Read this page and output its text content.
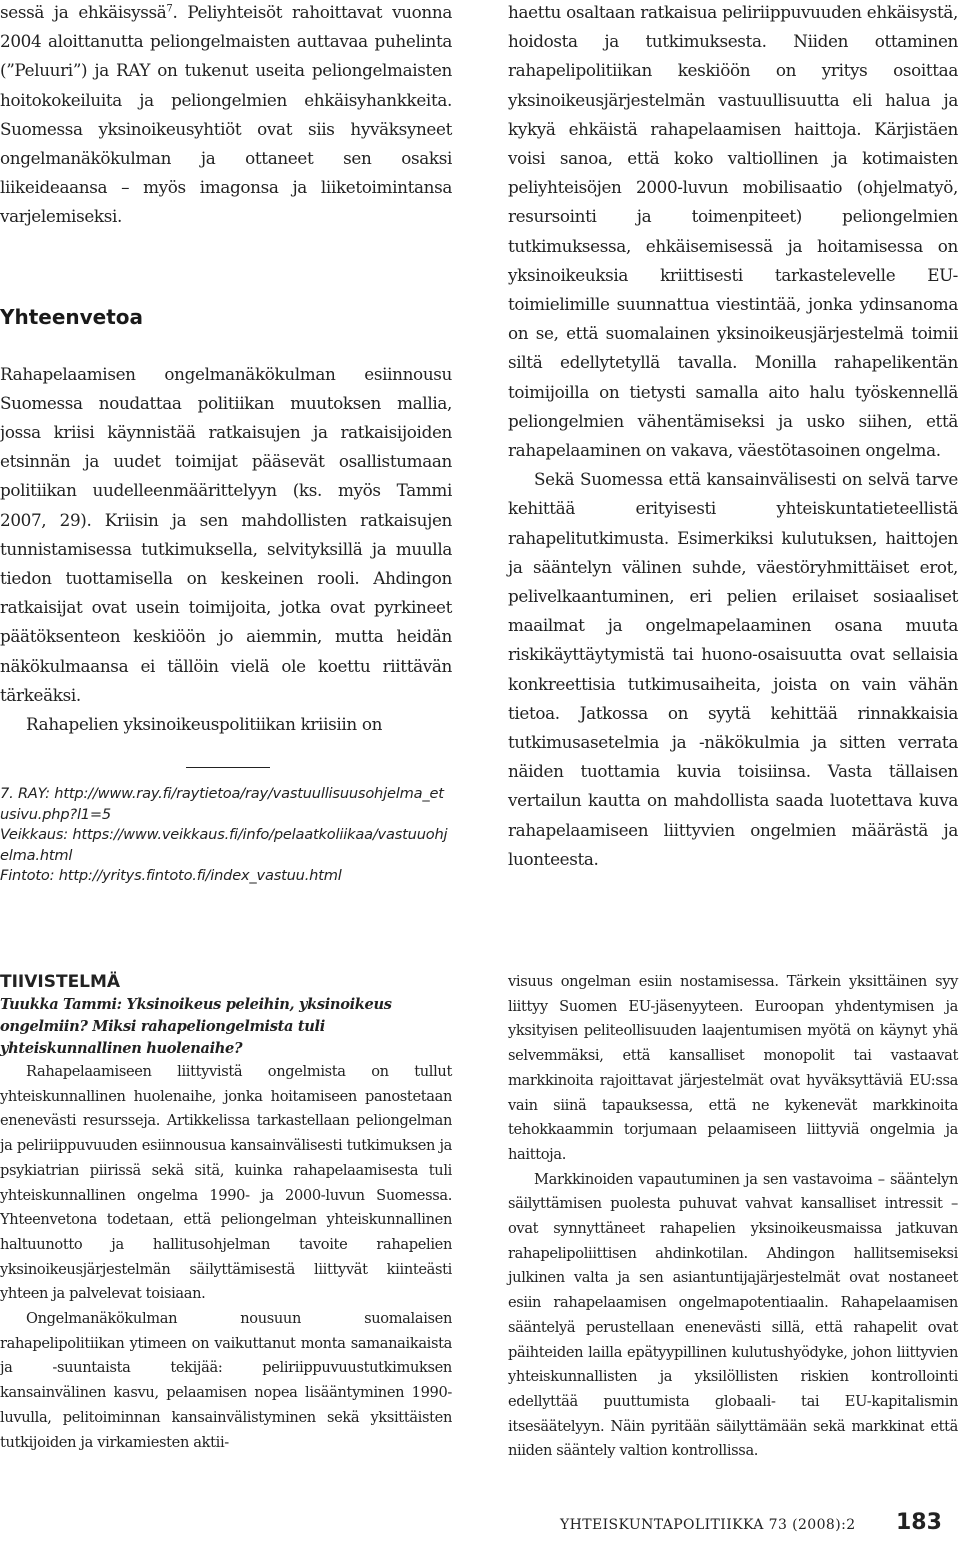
sessä ja ehkäisyssä$^7$. Peliyhteisöt rahoittavat vuonna 2004 aloittanutta peliongelmaisten auttavaa puhelinta (”Peluuri”) ja RAY on tukenut useita peliongelmaisten hoitokokeiluita ja peliongelmien ehkäisyhankkeita. Suomessa yksinoikeusyhtiöt ovat siis hyväksyneet ongelmanäkökulman ja ottaneet sen osaksi liikeideaansa – myös imagonsa ja liiketoimintansa varjelemiseksi.

Yhteenvetoa

Rahapelaamisen ongelmanäkökulman esiinnousu Suomessa noudattaa politiikan muutoksen mallia, jossa kriisi käynnistää ratkaisujen ja ratkaisijoiden etsinnän ja uudet toimijat pääsevät osallistumaan politiikan uudelleenmäärittelyyn (ks. myös Tammi 2007, 29). Kriisin ja sen mahdollisten ratkaisujen tunnistamisessa tutkimuksella, selvityksillä ja muulla tiedon tuottamisella on keskeinen rooli. Ahdingon ratkaisijat ovat usein toimijoita, jotka ovat pyrkineet päätöksenteon keskiöön jo aiemmin, mutta heidän näkökulmaansa ei tällöin vielä ole koettu riittävän tärkeäksi.

Rahapelien yksinoikeuspolitiikan kriisiin on

7. RAY: http://www.ray.fi/raytietoa/ray/vastuullisuusohjelma_etusivu.php?l1=5
Veikkaus: https://www.veikkaus.fi/info/pelaatkoliikaa/vastuuohjelma.html
Fintoto: http://yritys.fintoto.fi/index_vastuu.html

haettu osaltaan ratkaisua peliriippuvuuden ehkäisystä, hoidosta ja tutkimuksesta. Niiden ottaminen rahapelipolitiikan keskiöön on yritys osoittaa yksinoikeusjärjestelmän vastuullisuutta eli halua ja kykyä ehkäistä rahapelaamisen haittoja. Kärjistäen voisi sanoa, että koko valtiollinen ja kotimaisten peliyhteisöjen 2000-luvun mobilisaatio (ohjelmatyö, resursointi ja toimenpiteet) peliongelmien tutkimuksessa, ehkäisemisessä ja hoitamisessa on yksinoikeuksia kriittisesti tarkastelevelle EU-toimielimille suunnattua viestintää, jonka ydinsanoma on se, että suomalainen yksinoikeusjärjestelmä toimii siltä edellytetyllä tavalla. Monilla rahapelikentän toimijoilla on tietysti samalla aito halu työskennellä peliongelmien vähentämiseksi ja usko siihen, että rahapelaaminen on vakava, väestötasoinen ongelma.

Sekä Suomessa että kansainvälisesti on selvä tarve kehittää erityisesti yhteiskuntatieteellistä rahapelitutkimusta. Esimerkiksi kulutuksen, haittojen ja sääntelyn välinen suhde, väestöryhmittäiset erot, pelivelkaantuminen, eri pelien erilaiset sosiaaliset maailmat ja ongelmapelaaminen osana muuta riskikäyttäytymistä tai huono-osaisuutta ovat sellaisia konkreettisia tutkimusaiheita, joista on vain vähän tietoa. Jatkossa on syytä kehittää rinnakkaisia tutkimusasetelmia ja -näkökulmia ja sitten verrata näiden tuottamia kuvia toisiinsa. Vasta tällaisen vertailun kautta on mahdollista saada luotettava kuva rahapelaamiseen liittyvien ongelmien määrästä ja luonteesta.

TIIVISTELMÄ
Tuukka Tammi: Yksinoikeus peleihin, yksinoikeus ongelmiin? Miksi rahapeliongelmista tuli yhteiskunnallinen huolenaihe?

Rahapelaamiseen liittyvistä ongelmista on tullut yhteiskunnallinen huolenaihe, jonka hoitamiseen panostetaan enenevästi resursseja. Artikkelissa tarkastellaan peliongelman ja peliriippuvuuden esiinnousua kansainvälisesti tutkimuksen ja psykiatrian piirissä sekä sitä, kuinka rahapelaamisesta tuli yhteiskunnallinen ongelma 1990- ja 2000-luvun Suomessa. Yhteenvetona todetaan, että peliongelman yhteiskunnallinen haltuunotto ja hallitusohjelman tavoite rahapelien yksinoikeusjärjestelmän säilyttämisestä liittyvät kiinteästi yhteen ja palvelevat toisiaan.

Ongelmanäkökulman nousuun suomalaisen rahapelipolitiikan ytimeen on vaikuttanut monta samanaikaista ja -suuntaista tekijää: peliriippuvuustutkimuksen kansainvälinen kasvu, pelaamisen nopea lisääntyminen 1990-luvulla, pelitoiminnan kansainvälistyminen sekä yksittäisten tutkijoiden ja virkamiesten aktii-

visuus ongelman esiin nostamisessa. Tärkein yksittäinen syy liittyy Suomen EU-jäsenyyteen. Euroopan yhdentymisen ja yksityisen peliteollisuuden laajentumisen myötä on käynyt yhä selvemmäksi, että kansalliset monopolit tai vastaavat markkinoita rajoittavat järjestelmät ovat hyväksyttäviä EU:ssa vain siinä tapauksessa, että ne kykenevät markkinoita tehokkaammin torjumaan pelaamiseen liittyviä ongelmia ja haittoja.

Markkinoiden vapautuminen ja sen vastavoima – sääntelyn säilyttämisen puolesta puhuvat vahvat kansalliset intressit – ovat synnyttäneet rahapelien yksinoikeusmaissa jatkuvan rahapelipoliittisen ahdinkotilan. Ahdingon hallitsemiseksi julkinen valta ja sen asiantuntijajärjestelmät ovat nostaneet esiin rahapelaamisen ongelmapotentiaalin. Rahapelaamisen sääntelyä perustellaan enenevästi sillä, että rahapelit ovat päihteiden lailla epätyypillinen kulutushyödyke, johon liittyvien yhteiskunnallisten ja yksilöllisten riskien kontrollointi edellyttää puuttumista globaali- tai EU-kapitalismin itsesäätelyyn. Näin pyritään säilyttämään sekä markkinat että niiden sääntely valtion kontrollissa.

YHTEISKUNTAPOLITIIKKA 73 (2008):2 183
